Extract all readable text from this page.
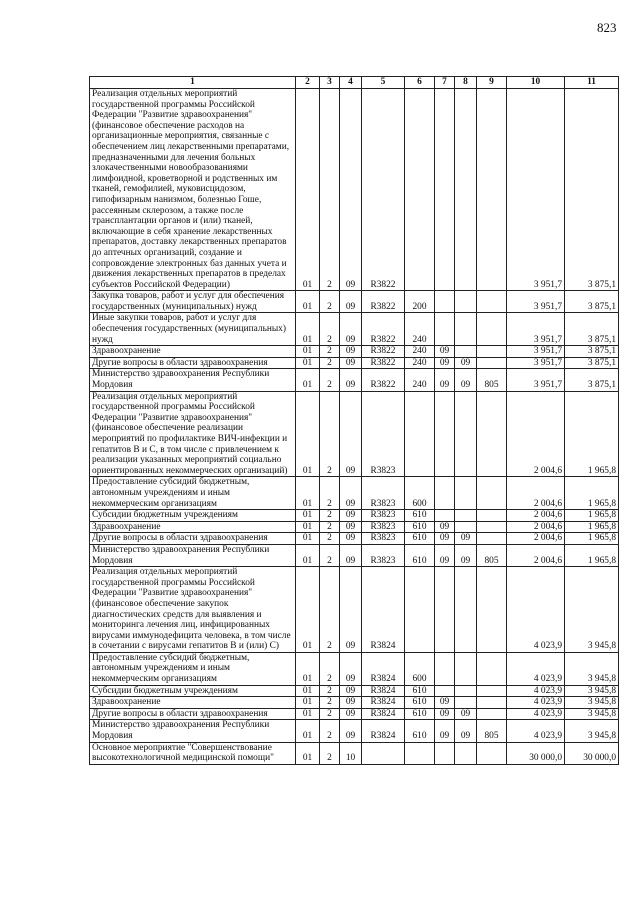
823
1	2	3	4	5	6	7	8	9	10	11
Реализация отдельных мероприятий государственной программы Российской Федерации "Развитие здравоохранения" (финансовое обеспечение расходов на организационные мероприятия, связанные с обеспечением лиц лекарственными препаратами, предназначенными для лечения больных злокачественными новообразованиями лимфоидной, кроветворной и родственных им тканей, гемофилией, муковисцидозом, гипофизарным нанизмом, болезнью Гоше, рассеянным склерозом, а также после трансплантации органов и (или) тканей, включающие в себя хранение лекарственных препаратов, доставку лекарственных препаратов до аптечных организаций, создание и сопровождение электронных баз данных учета и движения лекарственных препаратов в пределах субъектов Российской Федерации)	01	2	09	R3822					3 951,7	3 875,1
Закупка товаров, работ и услуг для обеспечения государственных (муниципальных) нужд	01	2	09	R3822	200				3 951,7	3 875,1
Иные закупки товаров, работ и услуг для обеспечения государственных (муниципальных) нужд	01	2	09	R3822	240				3 951,7	3 875,1
Здравоохранение	01	2	09	R3822	240	09			3 951,7	3 875,1
Другие вопросы в области здравоохранения	01	2	09	R3822	240	09	09		3 951,7	3 875,1
Министерство здравоохранения Республики Мордовия	01	2	09	R3822	240	09	09	805	3 951,7	3 875,1
Реализация отдельных мероприятий государственной программы Российской Федерации "Развитие здравоохранения" (финансовое обеспечение реализации мероприятий по профилактике ВИЧ-инфекции и гепатитов В и С, в том числе с привлечением к реализации указанных мероприятий социально ориентированных некоммерческих организаций)	01	2	09	R3823					2 004,6	1 965,8
Предоставление субсидий бюджетным, автономным учреждениям и иным некоммерческим организациям	01	2	09	R3823	600				2 004,6	1 965,8
Субсидии бюджетным учреждениям	01	2	09	R3823	610				2 004,6	1 965,8
Здравоохранение	01	2	09	R3823	610	09			2 004,6	1 965,8
Другие вопросы в области здравоохранения	01	2	09	R3823	610	09	09		2 004,6	1 965,8
Министерство здравоохранения Республики Мордовия	01	2	09	R3823	610	09	09	805	2 004,6	1 965,8
Реализация отдельных мероприятий государственной программы Российской Федерации "Развитие здравоохранения" (финансовое обеспечение закупок диагностических средств для выявления и мониторинга лечения лиц, инфицированных вирусами иммунодефицита человека, в том числе в сочетании с вирусами гепатитов В и (или) С)	01	2	09	R3824					4 023,9	3 945,8
Предоставление субсидий бюджетным, автономным учреждениям и иным некоммерческим организациям	01	2	09	R3824	600				4 023,9	3 945,8
Субсидии бюджетным учреждениям	01	2	09	R3824	610				4 023,9	3 945,8
Здравоохранение	01	2	09	R3824	610	09			4 023,9	3 945,8
Другие вопросы в области здравоохранения	01	2	09	R3824	610	09	09		4 023,9	3 945,8
Министерство здравоохранения Республики Мордовия	01	2	09	R3824	610	09	09	805	4 023,9	3 945,8
Основное мероприятие "Совершенствование высокотехнологичной медицинской помощи"	01	2	10						30 000,0	30 000,0
